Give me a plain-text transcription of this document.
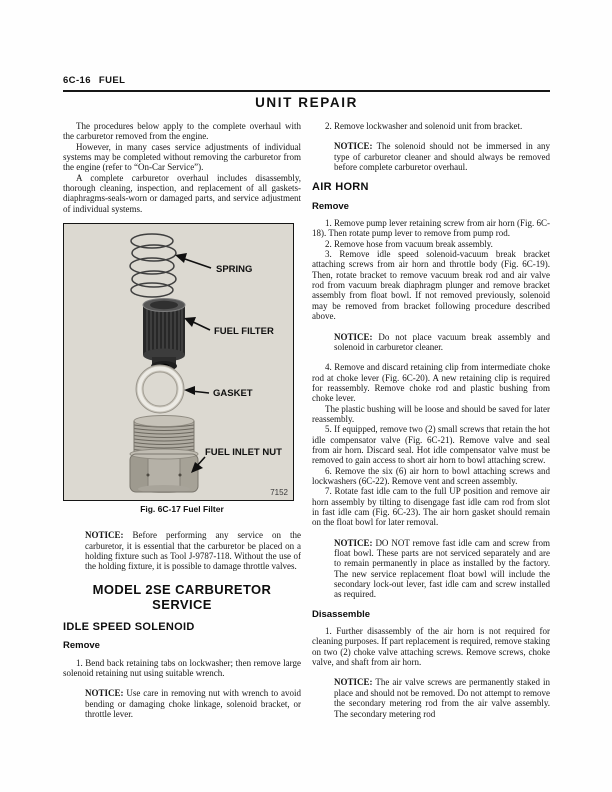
6C-16 FUEL
UNIT REPAIR

The procedures below apply to the complete overhaul with the carburetor removed from the engine.

However, in many cases service adjustments of individual systems may be completed without removing the carburetor from the engine (refer to “On-Car Service”).

A complete carburetor overhaul includes disassembly, thorough cleaning, inspection, and replacement of all gaskets-diaphragms-seals-worn or damaged parts, and service adjustment of individual systems.

SPRING
FUEL FILTER
GASKET
FUEL INLET NUT
7152
Fig. 6C-17 Fuel Filter
NOTICE: Before performing any service on the carburetor, it is essential that the carburetor be placed on a holding fixture such as Tool J-9787-118. Without the use of the holding fixture, it is possible to damage throttle valves.
MODEL 2SE CARBURETOR SERVICE
IDLE SPEED SOLENOID
Remove

1. Bend back retaining tabs on lockwasher; then remove large solenoid retaining nut using suitable wrench.

NOTICE: Use care in removing nut with wrench to avoid bending or damaging choke linkage, solenoid bracket, or throttle lever.

2. Remove lockwasher and solenoid unit from bracket.

NOTICE: The solenoid should not be immersed in any type of carburetor cleaner and should always be removed before complete carburetor overhaul.
AIR HORN
Remove

1. Remove pump lever retaining screw from air horn (Fig. 6C-18). Then rotate pump lever to remove from pump rod.

2. Remove hose from vacuum break assembly.

3. Remove idle speed solenoid-vacuum break bracket attaching screws from air horn and throttle body (Fig. 6C-19). Then, rotate bracket to remove vacuum break rod and air valve rod from vacuum break diaphragm plunger and remove bracket assembly from float bowl. If not removed previously, solenoid may be removed from bracket following procedure described above.

NOTICE: Do not place vacuum break assembly and solenoid in carburetor cleaner.

4. Remove and discard retaining clip from intermediate choke rod at choke lever (Fig. 6C-20). A new retaining clip is required for reassembly. Remove choke rod and plastic bushing from choke lever.

The plastic bushing will be loose and should be saved for later reassembly.

5. If equipped, remove two (2) small screws that retain the hot idle compensator valve (Fig. 6C-21). Remove valve and seal from air horn. Discard seal. Hot idle compensator valve must be removed to gain access to short air horn to bowl attaching screw.

6. Remove the six (6) air horn to bowl attaching screws and lockwashers (6C-22). Remove vent and screen assembly.

7. Rotate fast idle cam to the full UP position and remove air horn assembly by tilting to disengage fast idle cam rod from slot in fast idle cam (Fig. 6C-23). The air horn gasket should remain on the float bowl for later removal.

NOTICE: DO NOT remove fast idle cam and screw from float bowl. These parts are not serviced separately and are to remain permanently in place as installed by the factory. The new service replacement float bowl will include the secondary lock-out lever, fast idle cam and screw installed as required.
Disassemble

1. Further disassembly of the air horn is not required for cleaning purposes. If part replacement is required, remove staking on two (2) choke valve attaching screws. Remove screws, choke valve, and shaft from air horn.

NOTICE: The air valve screws are permanently staked in place and should not be removed. Do not attempt to remove the secondary metering rod from the air valve assembly. The secondary metering rod
